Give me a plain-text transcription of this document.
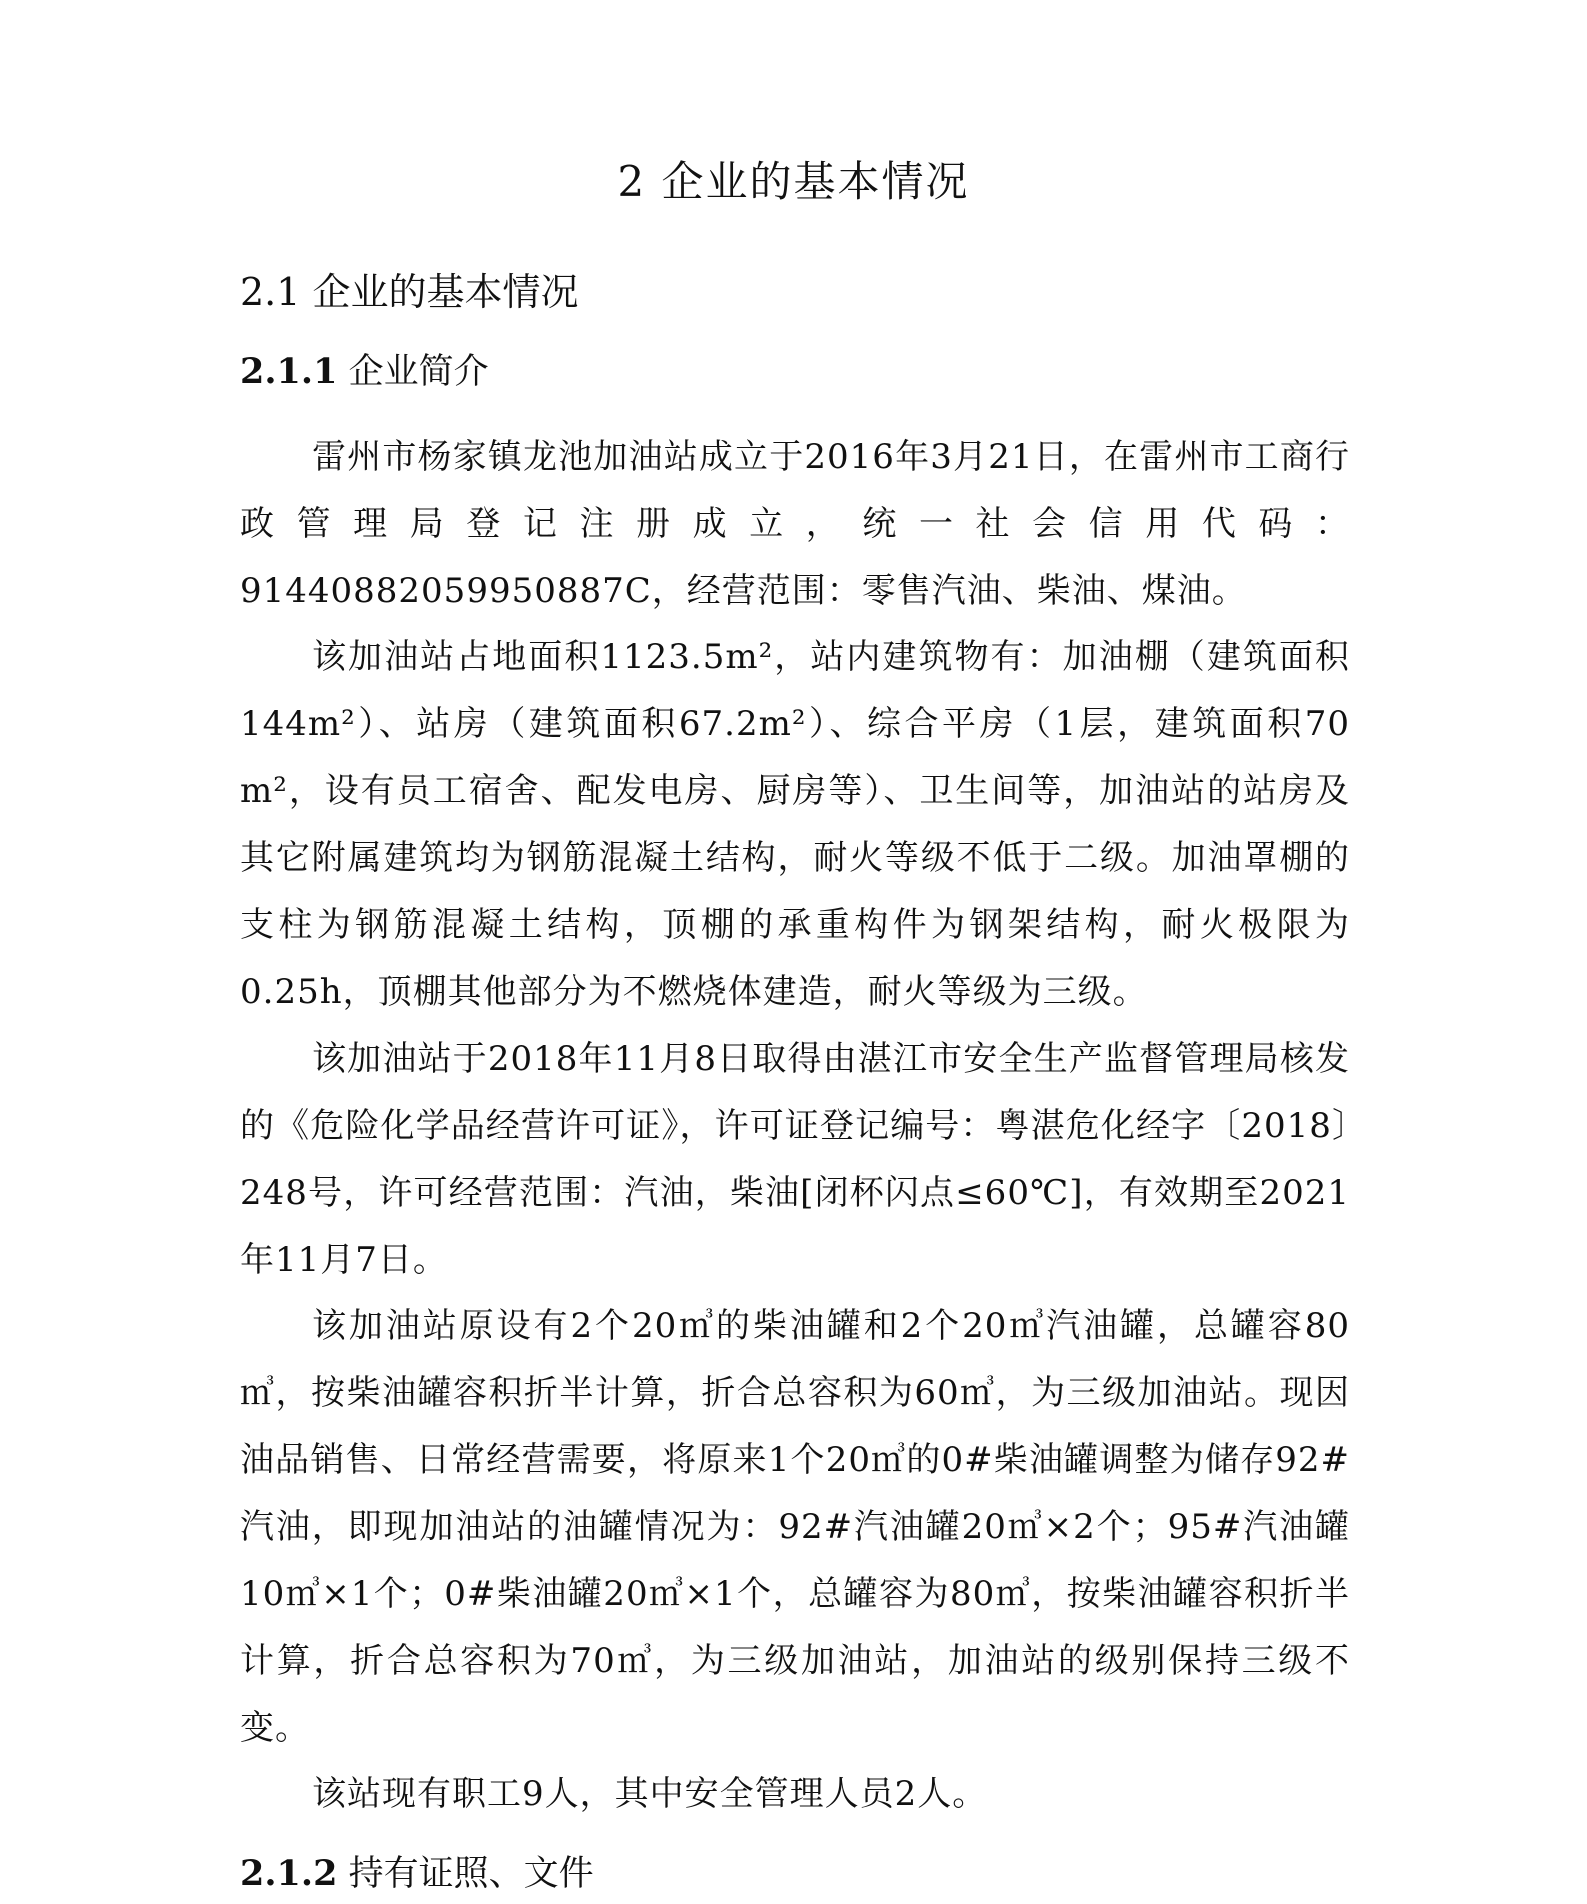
2 企业的基本情况
2.1 企业的基本情况
2.1.1 企业简介

雷州市杨家镇龙池加油站成立于2016年3月21日，在雷州市工商行政管理局登记注册成立，统一社会信用代码：91440882059950887C，经营范围：零售汽油、柴油、煤油。

该加油站占地面积1123.5m²，站内建筑物有：加油棚（建筑面积144m²）、站房（建筑面积67.2m²）、综合平房（1层，建筑面积70 m²，设有员工宿舍、配发电房、厨房等）、卫生间等，加油站的站房及其它附属建筑均为钢筋混凝土结构，耐火等级不低于二级。加油罩棚的支柱为钢筋混凝土结构，顶棚的承重构件为钢架结构，耐火极限为0.25h，顶棚其他部分为不燃烧体建造，耐火等级为三级。

该加油站于2018年11月8日取得由湛江市安全生产监督管理局核发的《危险化学品经营许可证》，许可证登记编号：粤湛危化经字〔2018〕248号，许可经营范围：汽油，柴油[闭杯闪点≤60℃]，有效期至2021年11月7日。

该加油站原设有2个20㎥的柴油罐和2个20㎥汽油罐，总罐容80㎥，按柴油罐容积折半计算，折合总容积为60㎥，为三级加油站。现因油品销售、日常经营需要，将原来1个20㎥的0#柴油罐调整为储存92#汽油，即现加油站的油罐情况为：92#汽油罐20㎥×2个；95#汽油罐10㎥×1个；0#柴油罐20㎥×1个，总罐容为80㎥，按柴油罐容积折半计算，折合总容积为70㎥，为三级加油站，加油站的级别保持三级不变。

该站现有职工9人，其中安全管理人员2人。

2.1.2 持有证照、文件
